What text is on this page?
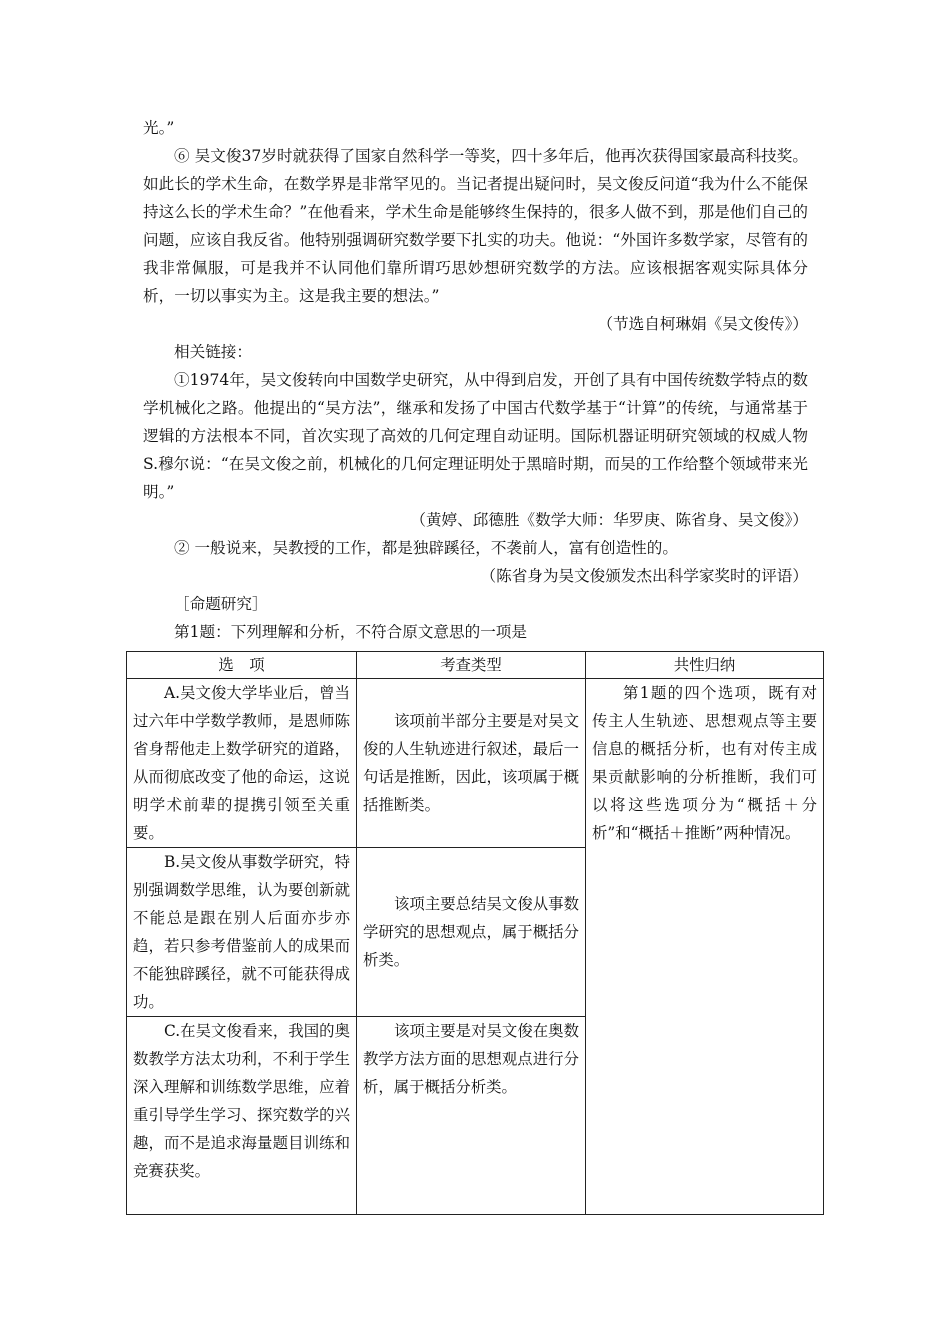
光。”

⑥ 吴文俊37岁时就获得了国家自然科学一等奖，四十多年后，他再次获得国家最高科技奖。如此长的学术生命，在数学界是非常罕见的。当记者提出疑问时，吴文俊反问道“我为什么不能保持这么长的学术生命？”在他看来，学术生命是能够终生保持的，很多人做不到，那是他们自己的问题，应该自我反省。他特别强调研究数学要下扎实的功夫。他说：“外国许多数学家，尽管有的我非常佩服，可是我并不认同他们靠所谓巧思妙想研究数学的方法。应该根据客观实际具体分析，一切以事实为主。这是我主要的想法。”

（节选自柯琳娟《吴文俊传》）

相关链接：

①1974年，吴文俊转向中国数学史研究，从中得到启发，开创了具有中国传统数学特点的数学机械化之路。他提出的“吴方法”，继承和发扬了中国古代数学基于“计算”的传统，与通常基于逻辑的方法根本不同，首次实现了高效的几何定理自动证明。国际机器证明研究领域的权威人物S.穆尔说：“在吴文俊之前，机械化的几何定理证明处于黑暗时期，而吴的工作给整个领域带来光明。”

（黄婷、邱德胜《数学大师：华罗庚、陈省身、吴文俊》）

② 一般说来，吴教授的工作，都是独辟蹊径，不袭前人，富有创造性的。

（陈省身为吴文俊颁发杰出科学家奖时的评语）

［命题研究］

第1题：下列理解和分析，不符合原文意思的一项是

选　项	考查类型	共性归纳
A.吴文俊大学毕业后，曾当过六年中学数学教师，是恩师陈省身帮他走上数学研究的道路，从而彻底改变了他的命运，这说明学术前辈的提携引领至关重要。	该项前半部分主要是对吴文俊的人生轨迹进行叙述，最后一句话是推断，因此，该项属于概括推断类。	第1题的四个选项，既有对传主人生轨迹、思想观点等主要信息的概括分析，也有对传主成果贡献影响的分析推断，我们可以将这些选项分为“概括＋分析”和“概括＋推断”两种情况。
B.吴文俊从事数学研究，特别强调数学思维，认为要创新就不能总是跟在别人后面亦步亦趋，若只参考借鉴前人的成果而不能独辟蹊径，就不可能获得成功。	该项主要总结吴文俊从事数学研究的思想观点，属于概括分析类。	
C.在吴文俊看来，我国的奥数教学方法太功利，不利于学生深入理解和训练数学思维，应着重引导学生学习、探究数学的兴趣，而不是追求海量题目训练和竞赛获奖。	该项主要是对吴文俊在奥数教学方法方面的思想观点进行分析，属于概括分析类。	
